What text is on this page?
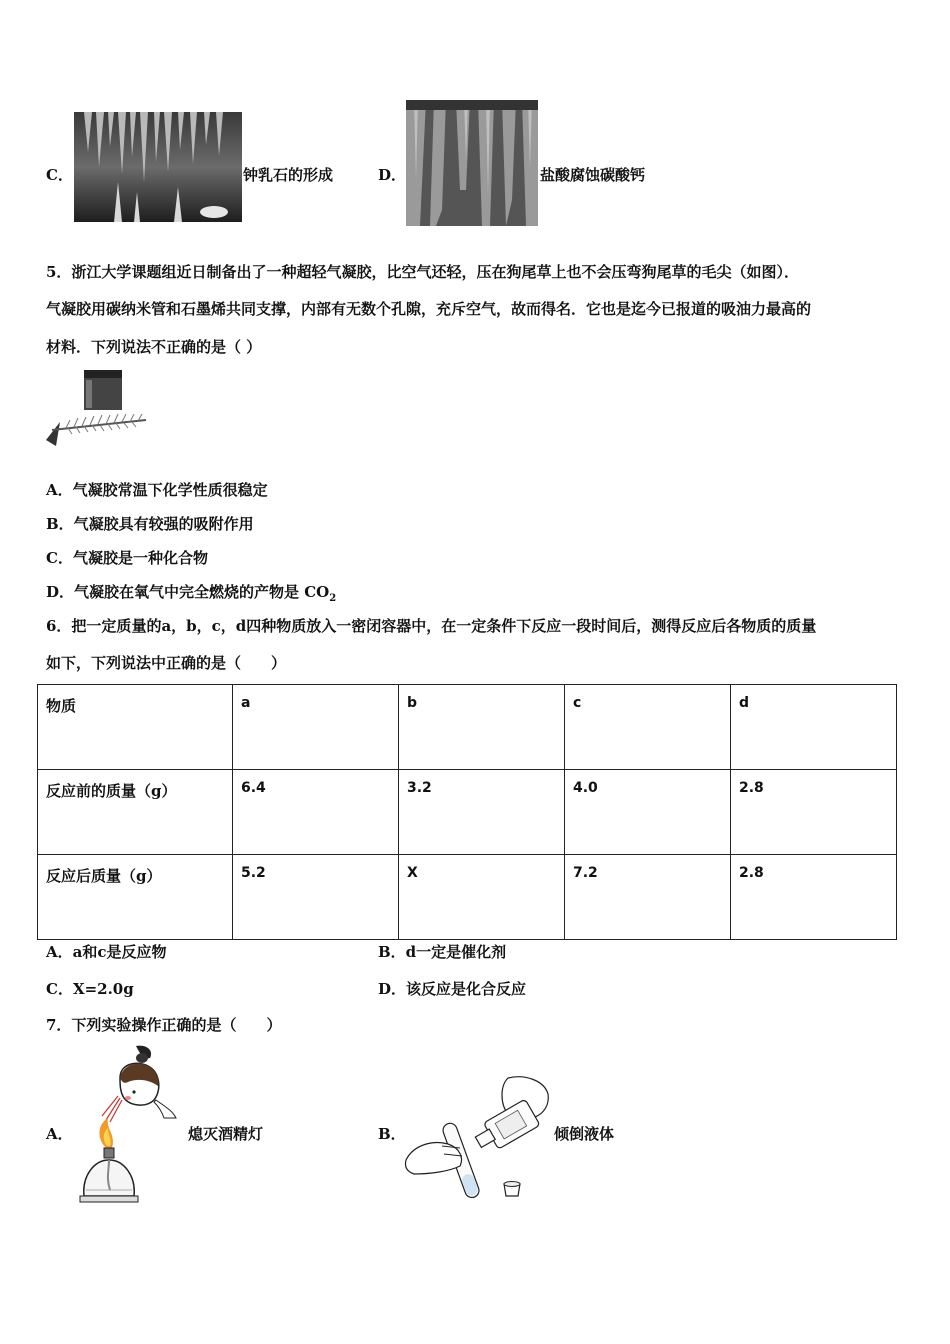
C．	钟乳石的形成	D．	盐酸腐蚀碳酸钙
5．浙江大学课题组近日制备出了一种超轻气凝胶，比空气还轻，压在狗尾草上也不会压弯狗尾草的毛尖（如图）．
气凝胶用碳纳米管和石墨烯共同支撑，内部有无数个孔隙，充斥空气，故而得名．它也是迄今已报道的吸油力最高的
材料．下列说法不正确的是（ ）
A．气凝胶常温下化学性质很稳定
B．气凝胶具有较强的吸附作用
C．气凝胶是一种化合物
D．气凝胶在氧气中完全燃烧的产物是 $CO_2$
6．把一定质量的a，b，c，d四种物质放入一密闭容器中，在一定条件下反应一段时间后，测得反应后各物质的质量
如下，下列说法中正确的是（　　）
物质	a	b	c	d
反应前的质量（g）	6.4	3.2	4.0	2.8
反应后质量（g）	5.2	X	7.2	2.8
A．a和c是反应物	B．d一定是催化剂
C．X=2.0g	D．该反应是化合反应
7．下列实验操作正确的是（　　）
A．	熄灭酒精灯	B．	倾倒液体
